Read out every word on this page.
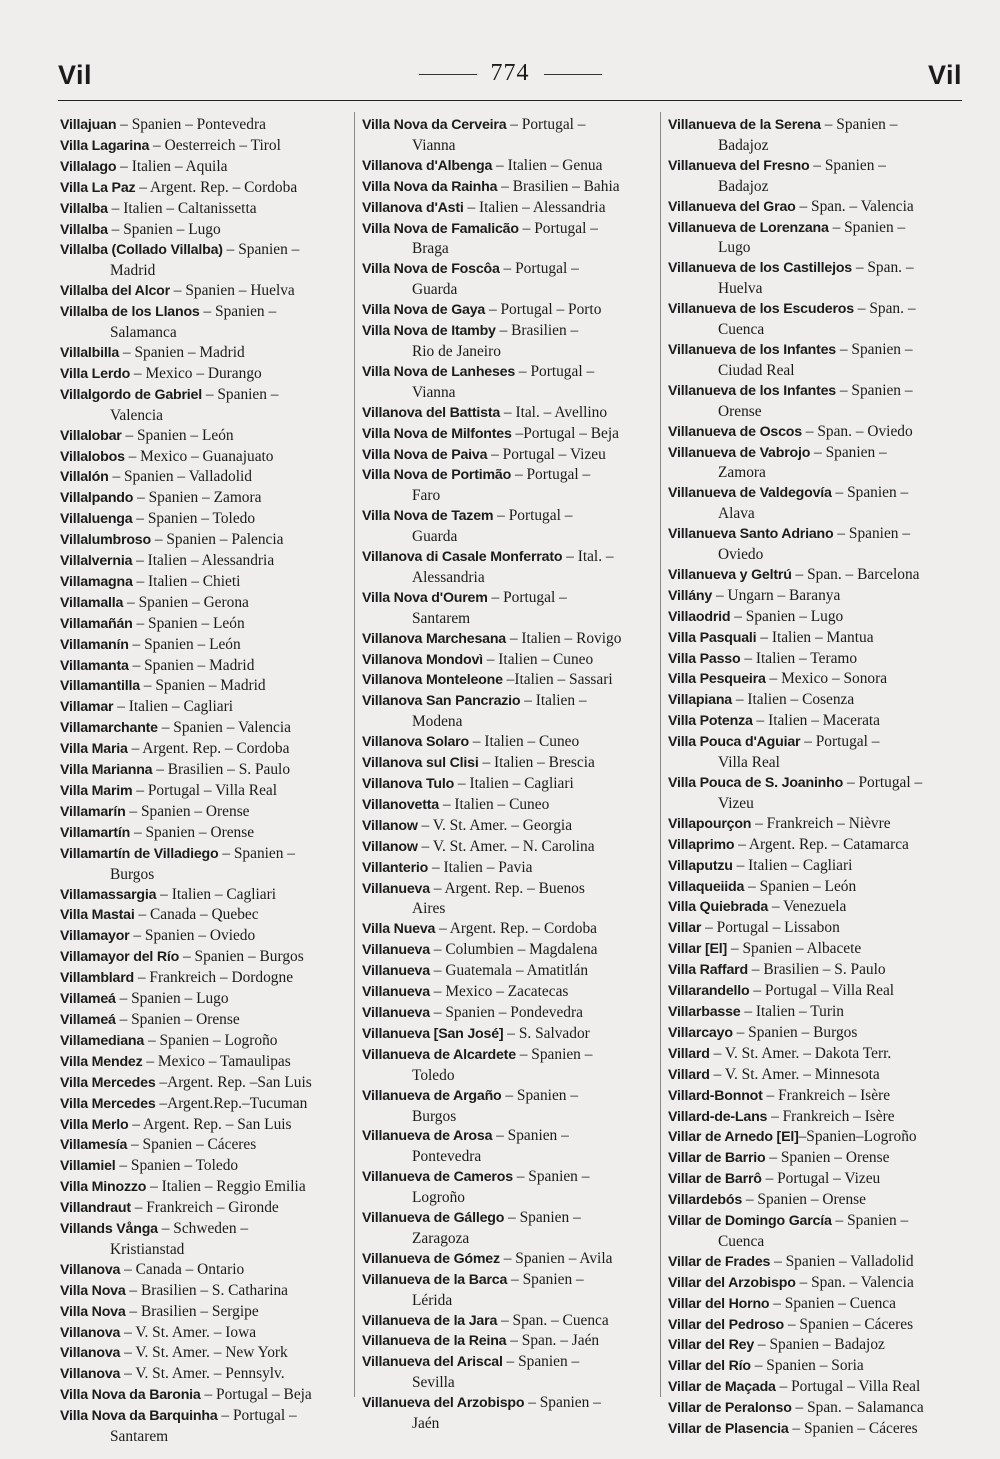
Vil	774	Vil
Villajuan – Spanien – Pontevedra
Villa Lagarina – Oesterreich – Tirol
Villalago – Italien – Aquila
Villa La Paz – Argent. Rep. – Cordoba
Villalba – Italien – Caltanissetta
Villalba – Spanien – Lugo
Villalba (Collado Villalba) – Spanien –
Madrid
Villalba del Alcor – Spanien – Huelva
Villalba de los Llanos – Spanien –
Salamanca
Villalbilla – Spanien – Madrid
Villa Lerdo – Mexico – Durango
Villalgordo de Gabriel – Spanien –
Valencia
Villalobar – Spanien – León
Villalobos – Mexico – Guanajuato
Villalón – Spanien – Valladolid
Villalpando – Spanien – Zamora
Villaluenga – Spanien – Toledo
Villalumbroso – Spanien – Palencia
Villalvernia – Italien – Alessandria
Villamagna – Italien – Chieti
Villamalla – Spanien – Gerona
Villamañán – Spanien – León
Villamanín – Spanien – León
Villamanta – Spanien – Madrid
Villamantilla – Spanien – Madrid
Villamar – Italien – Cagliari
Villamarchante – Spanien – Valencia
Villa Maria – Argent. Rep. – Cordoba
Villa Marianna – Brasilien – S. Paulo
Villa Marim – Portugal – Villa Real
Villamarín – Spanien – Orense
Villamartín – Spanien – Orense
Villamartín de Villadiego – Spanien –
Burgos
Villamassargia – Italien – Cagliari
Villa Mastai – Canada – Quebec
Villamayor – Spanien – Oviedo
Villamayor del Río – Spanien – Burgos
Villamblard – Frankreich – Dordogne
Villameá – Spanien – Lugo
Villameá – Spanien – Orense
Villamediana – Spanien – Logroño
Villa Mendez – Mexico – Tamaulipas
Villa Mercedes –Argent. Rep. –San Luis
Villa Mercedes –Argent.Rep.–Tucuman
Villa Merlo – Argent. Rep. – San Luis
Villamesía – Spanien – Cáceres
Villamiel – Spanien – Toledo
Villa Minozzo – Italien – Reggio Emilia
Villandraut – Frankreich – Gironde
Villands Vånga – Schweden –
Kristianstad
Villanova – Canada – Ontario
Villa Nova – Brasilien – S. Catharina
Villa Nova – Brasilien – Sergipe
Villanova – V. St. Amer. – Iowa
Villanova – V. St. Amer. – New York
Villanova – V. St. Amer. – Pennsylv.
Villa Nova da Baronia – Portugal – Beja
Villa Nova da Barquinha – Portugal –
Santarem
Villa Nova da Cerveira – Portugal –
Vianna
Villanova d'Albenga – Italien – Genua
Villa Nova da Rainha – Brasilien – Bahia
Villanova d'Asti – Italien – Alessandria
Villa Nova de Famalicão – Portugal –
Braga
Villa Nova de Foscôa – Portugal –
Guarda
Villa Nova de Gaya – Portugal – Porto
Villa Nova de Itamby – Brasilien –
Rio de Janeiro
Villa Nova de Lanheses – Portugal –
Vianna
Villanova del Battista – Ital. – Avellino
Villa Nova de Milfontes –Portugal – Beja
Villa Nova de Paiva – Portugal – Vizeu
Villa Nova de Portimão – Portugal –
Faro
Villa Nova de Tazem – Portugal –
Guarda
Villanova di Casale Monferrato – Ital. –
Alessandria
Villa Nova d'Ourem – Portugal –
Santarem
Villanova Marchesana – Italien – Rovigo
Villanova Mondovì – Italien – Cuneo
Villanova Monteleone –Italien – Sassari
Villanova San Pancrazio – Italien –
Modena
Villanova Solaro – Italien – Cuneo
Villanova sul Clisi – Italien – Brescia
Villanova Tulo – Italien – Cagliari
Villanovetta – Italien – Cuneo
Villanow – V. St. Amer. – Georgia
Villanow – V. St. Amer. – N. Carolina
Villanterio – Italien – Pavia
Villanueva – Argent. Rep. – Buenos
Aires
Villa Nueva – Argent. Rep. – Cordoba
Villanueva – Columbien – Magdalena
Villanueva – Guatemala – Amatitlán
Villanueva – Mexico – Zacatecas
Villanueva – Spanien – Pondevedra
Villanueva [San José] – S. Salvador
Villanueva de Alcardete – Spanien –
Toledo
Villanueva de Argaño – Spanien –
Burgos
Villanueva de Arosa – Spanien –
Pontevedra
Villanueva de Cameros – Spanien –
Logroño
Villanueva de Gállego – Spanien –
Zaragoza
Villanueva de Gómez – Spanien – Avila
Villanueva de la Barca – Spanien –
Lérida
Villanueva de la Jara – Span. – Cuenca
Villanueva de la Reina – Span. – Jaén
Villanueva del Ariscal – Spanien –
Sevilla
Villanueva del Arzobispo – Spanien –
Jaén
Villanueva de la Serena – Spanien –
Badajoz
Villanueva del Fresno – Spanien –
Badajoz
Villanueva del Grao – Span. – Valencia
Villanueva de Lorenzana – Spanien –
Lugo
Villanueva de los Castillejos – Span. –
Huelva
Villanueva de los Escuderos – Span. –
Cuenca
Villanueva de los Infantes – Spanien –
Ciudad Real
Villanueva de los Infantes – Spanien –
Orense
Villanueva de Oscos – Span. – Oviedo
Villanueva de Vabrojo – Spanien –
Zamora
Villanueva de Valdegovía – Spanien –
Alava
Villanueva Santo Adriano – Spanien –
Oviedo
Villanueva y Geltrú – Span. – Barcelona
Villány – Ungarn – Baranya
Villaodrid – Spanien – Lugo
Villa Pasquali – Italien – Mantua
Villa Passo – Italien – Teramo
Villa Pesqueira – Mexico – Sonora
Villapiana – Italien – Cosenza
Villa Potenza – Italien – Macerata
Villa Pouca d'Aguiar – Portugal –
Villa Real
Villa Pouca de S. Joaninho – Portugal –
Vizeu
Villapourçon – Frankreich – Nièvre
Villaprimo – Argent. Rep. – Catamarca
Villaputzu – Italien – Cagliari
Villaqueiida – Spanien – León
Villa Quiebrada – Venezuela
Villar – Portugal – Lissabon
Villar [El] – Spanien – Albacete
Villa Raffard – Brasilien – S. Paulo
Villarandello – Portugal – Villa Real
Villarbasse – Italien – Turin
Villarcayo – Spanien – Burgos
Villard – V. St. Amer. – Dakota Terr.
Villard – V. St. Amer. – Minnesota
Villard-Bonnot – Frankreich – Isère
Villard-de-Lans – Frankreich – Isère
Villar de Arnedo [El]–Spanien–Logroño
Villar de Barrio – Spanien – Orense
Villar de Barrô – Portugal – Vizeu
Villardebós – Spanien – Orense
Villar de Domingo García – Spanien –
Cuenca
Villar de Frades – Spanien – Valladolid
Villar del Arzobispo – Span. – Valencia
Villar del Horno – Spanien – Cuenca
Villar del Pedroso – Spanien – Cáceres
Villar del Rey – Spanien – Badajoz
Villar del Río – Spanien – Soria
Villar de Maçada – Portugal – Villa Real
Villar de Peralonso – Span. – Salamanca
Villar de Plasencia – Spanien – Cáceres
